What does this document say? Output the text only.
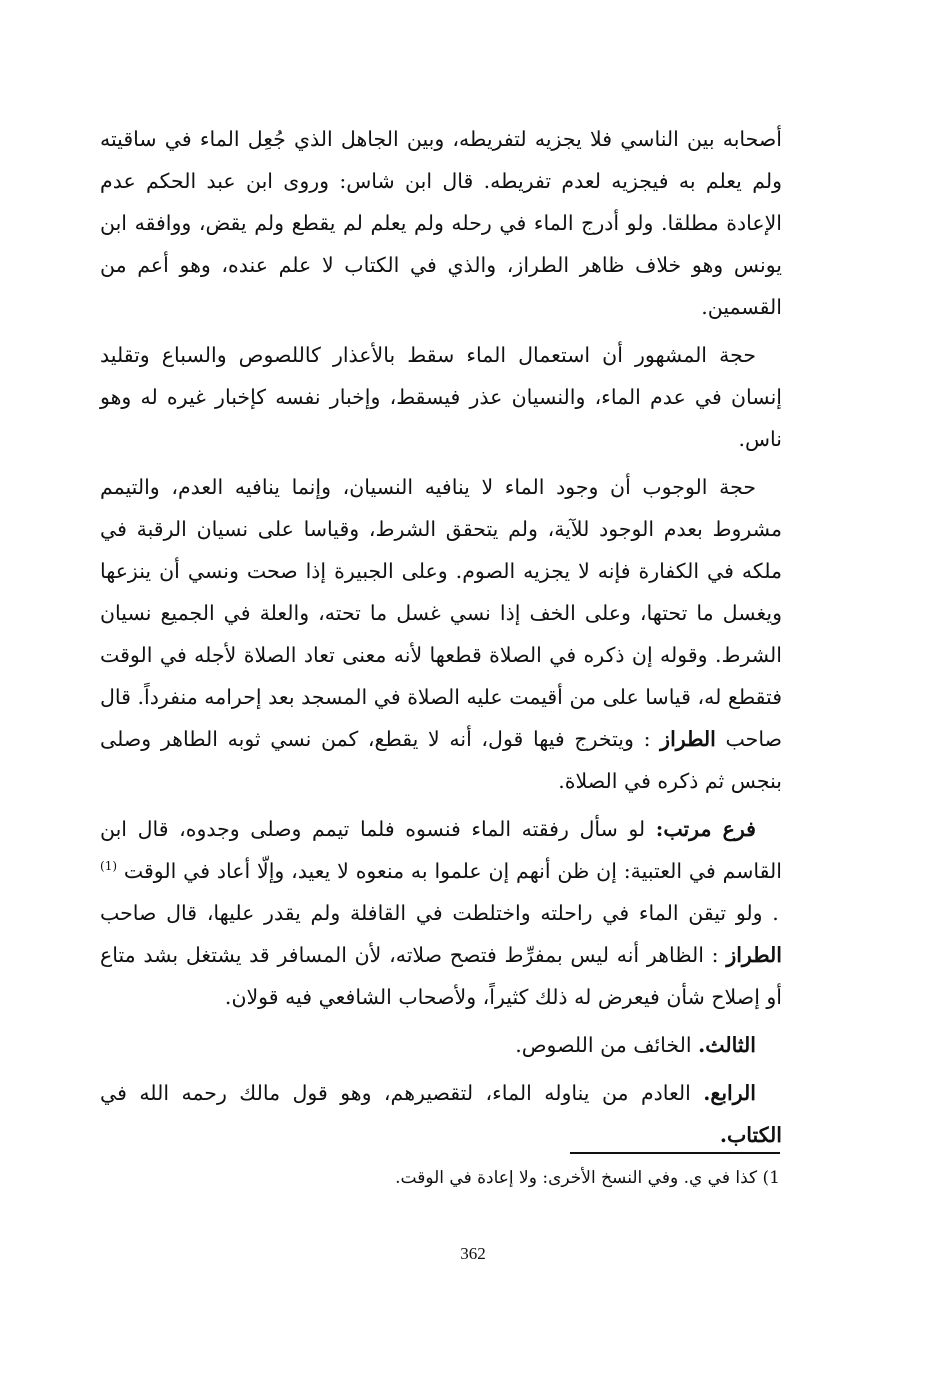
أصحابه بين الناسي فلا يجزيه لتفريطه، وبين الجاهل الذي جُعِل الماء في ساقيته ولم يعلم به فيجزيه لعدم تفريطه. قال ابن شاس: وروى ابن عبد الحكم عدم الإعادة مطلقا. ولو أدرج الماء في رحله ولم يعلم لم يقطع ولم يقض، ووافقه ابن يونس وهو خلاف ظاهر الطراز، والذي في الكتاب لا علم عنده، وهو أعم من القسمين.

حجة المشهور أن استعمال الماء سقط بالأعذار كاللصوص والسباع وتقليد إنسان في عدم الماء، والنسيان عذر فيسقط، وإخبار نفسه كإخبار غيره له وهو ناس.

حجة الوجوب أن وجود الماء لا ينافيه النسيان، وإنما ينافيه العدم، والتيمم مشروط بعدم الوجود للآية، ولم يتحقق الشرط، وقياسا على نسيان الرقبة في ملكه في الكفارة فإنه لا يجزيه الصوم. وعلى الجبيرة إذا صحت ونسي أن ينزعها ويغسل ما تحتها، وعلى الخف إذا نسي غسل ما تحته، والعلة في الجميع نسيان الشرط. وقوله إن ذكره في الصلاة قطعها لأنه معنى تعاد الصلاة لأجله في الوقت فتقطع له، قياسا على من أقيمت عليه الصلاة في المسجد بعد إحرامه منفرداً. قال صاحب الطراز : ويتخرج فيها قول، أنه لا يقطع، كمن نسي ثوبه الطاهر وصلى بنجس ثم ذكره في الصلاة.

فرع مرتب: لو سأل رفقته الماء فنسوه فلما تيمم وصلى وجدوه، قال ابن القاسم في العتبية: إن ظن أنهم إن علموا به منعوه لا يعيد، وإلّا أعاد في الوقت $^{(1)}$ . ولو تيقن الماء في راحلته واختلطت في القافلة ولم يقدر عليها، قال صاحب الطراز : الظاهر أنه ليس بمفرِّط فتصح صلاته، لأن المسافر قد يشتغل بشد متاع أو إصلاح شأن فيعرض له ذلك كثيراً، ولأصحاب الشافعي فيه قولان.

الثالث. الخائف من اللصوص.

الرابع. العادم من يناوله الماء، لتقصيرهم، وهو قول مالك رحمه الله في الكتاب.

1) كذا في ي. وفي النسخ الأخرى: ولا إعادة في الوقت.

362
